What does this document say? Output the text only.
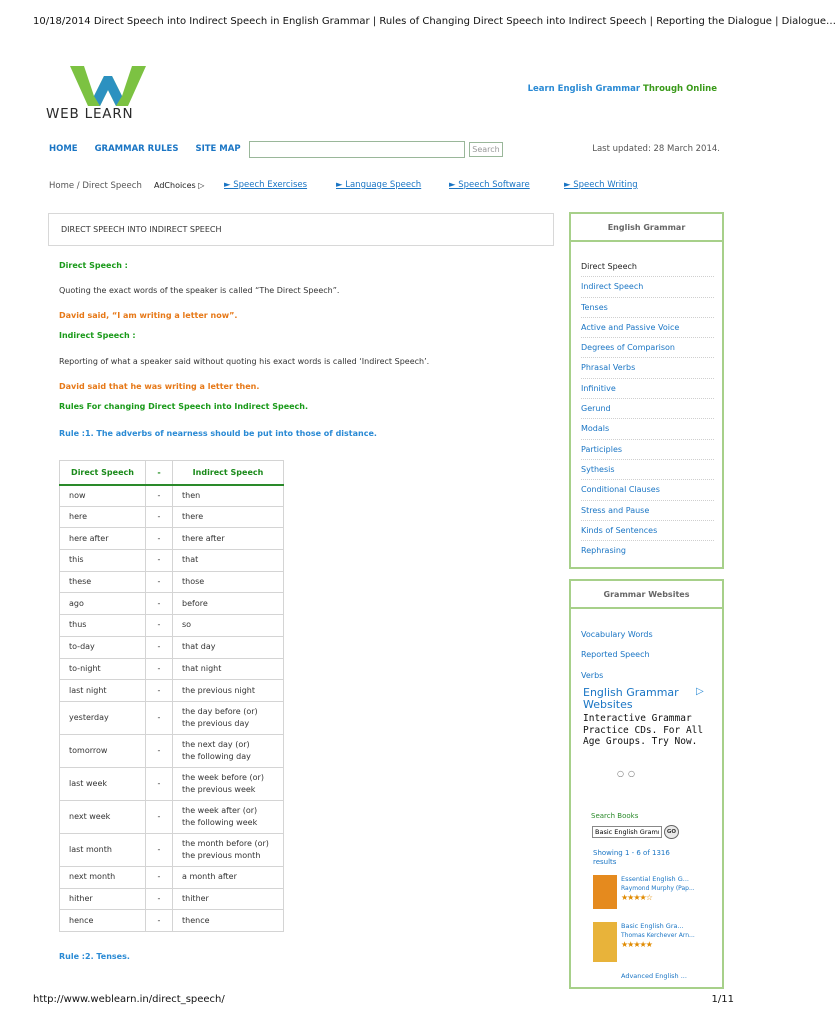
10/18/2014 Direct Speech into Indirect Speech in English Grammar | Rules of Changing Direct Speech into Indirect Speech | Reporting the Dialogue | Dialogue…
http://www.weblearn.in/direct_speech/	1/11
WEB LEARN
Learn English Grammar Through Online
HOME GRAMMAR RULES SITE MAP	Search	Last updated: 28 March 2014.
Home / Direct Speech AdChoices ▷ ► Speech Exercises	► Language Speech	► Speech Software	► Speech Writing
DIRECT SPEECH INTO INDIRECT SPEECH
Direct Speech :
Quoting the exact words of the speaker is called “The Direct Speech”.
David said, “I am writing a letter now”.
Indirect Speech :
Reporting of what a speaker said without quoting his exact words is called ‘Indirect Speech’.
David said that he was writing a letter then.
Rules For changing Direct Speech into Indirect Speech.
Rule :1. The adverbs of nearness should be put into those of distance.
Rule :2. Tenses.
Direct Speech	-	Indirect Speech
now	-	then

here	-	there

here after	-	there after

this	-	that

these	-	those

ago	-	before

thus	-	so

to-day	-	that day

to-night	-	that night

last night	-	the previous night

yesterday	-	the day before (or)
the previous day

tomorrow	-	the next day (or)
the following day

last week	-	the week before (or)
the previous week

next week	-	the week after (or)
the following week

last month	-	the month before (or)
the previous month

next month	-	a month after

hither	-	thither

hence	-	thence
English Grammar
Direct Speech
Indirect Speech
Tenses
Active and Passive Voice
Degrees of Comparison
Phrasal Verbs
Infinitive
Gerund
Modals
Participles
Sythesis
Conditional Clauses
Stress and Pause
Kinds of Sentences
Rephrasing
Grammar Websites
Vocabulary Words
Reported Speech
Verbs
English Grammar Websites
Interactive Grammar Practice CDs. For All Age Groups. Try Now.
▷
○○
Search Books
Basic English Gramm
GO
Showing 1 - 6 of 1316 results
Essential English G...
Raymond Murphy (Pap...
★★★★☆
Basic English Gra...
Thomas Kerchever Arn...
★★★★★
Advanced English ...
